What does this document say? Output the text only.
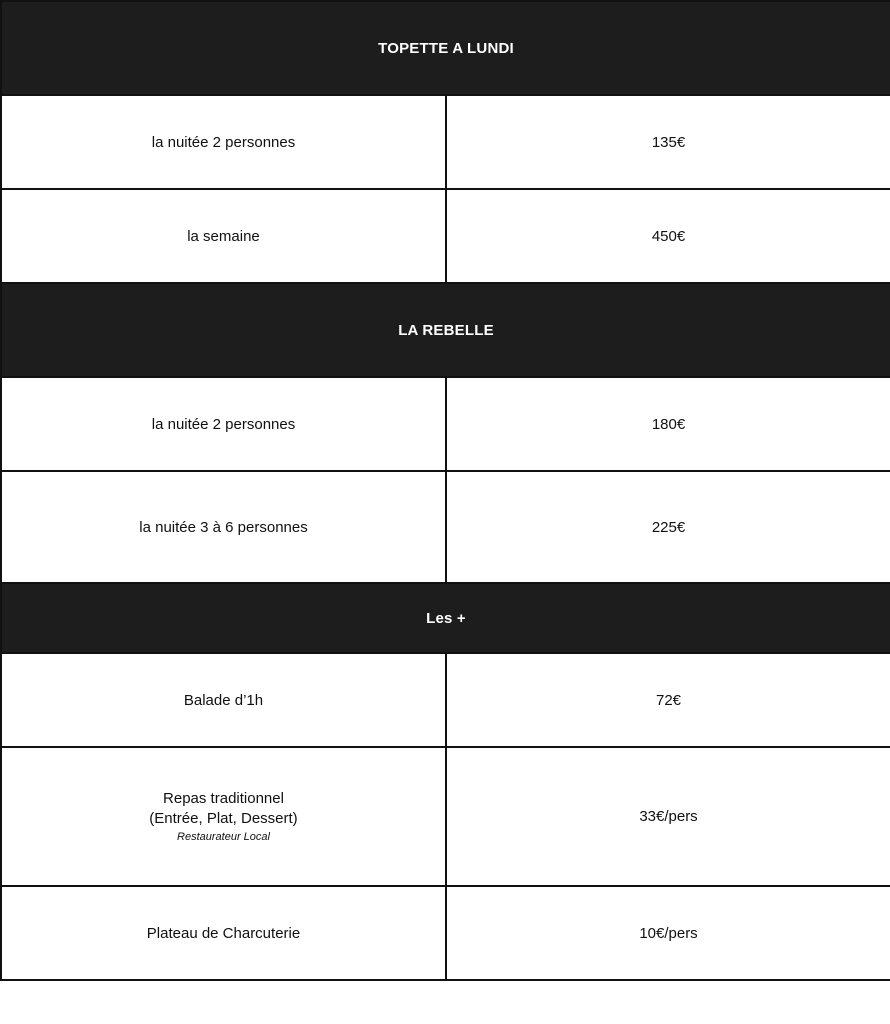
TOPETTE A LUNDI	
la nuitée 2 personnes	135€
la semaine	450€
LA REBELLE	
la nuitée 2 personnes	180€
la nuitée 3 à 6 personnes	225€
Les +	
Balade d’1h	72€

Repas traditionnel
(Entrée, Plat, Dessert)
Restaurateur Local	33€/pers
Plateau de Charcuterie	10€/pers
